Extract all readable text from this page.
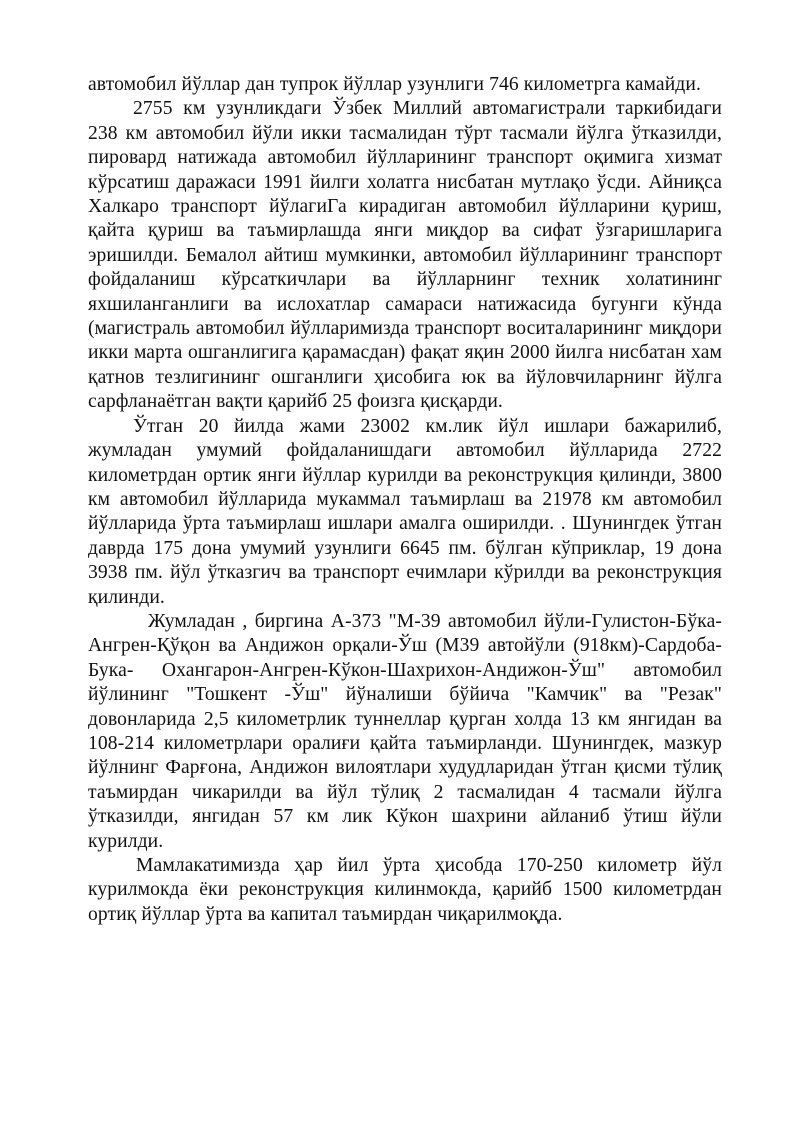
автомобил йўллар дан тупрок йўллар узунлиги 746 километрга камайди.

2755 км узунликдаги Ўзбек Миллий автомагистрали таркибидаги 238 км автомобил йўли икки тасмалидан тўрт тасмали йўлга ўтказилди, пировард натижада автомобил йўлларининг транспорт оқимига хизмат кўрсатиш даражаси 1991 йилги холатга нисбатан мутлақо ўсди. Айниқса Халкаро транспорт йўлагиГа кирадиган автомобил йўлларини қуриш, қайта қуриш ва таъмирлашда янги миқдор ва сифат ўзгаришларига эришилди. Бемалол айтиш мумкинки, автомобил йўлларининг транспорт фойдаланиш кўрсаткичлари ва йўлларнинг техник холатининг яхшиланганлиги ва ислохатлар самараси натижасида бугунги кўнда (магистраль автомобил йўлларимизда транспорт воситаларининг миқдори икки марта ошганлигига қарамасдан) фақат яқин 2000 йилга нисбатан хам қатнов тезлигининг ошганлиги ҳисобига юк ва йўловчиларнинг йўлга сарфланаётган вақти қарийб 25 фоизга қисқарди.

Ўтган 20 йилда жами 23002 км.лик йўл ишлари бажарилиб, жумладан умумий фойдаланишдаги автомобил йўлларида 2722 километрдан ортик янги йўллар курилди ва реконструкция қилинди, 3800 км автомобил йўлларида мукаммал таъмирлаш ва 21978 км автомобил йўлларида ўрта таъмирлаш ишлари амалга оширилди. . Шунингдек ўтган даврда 175 дона умумий узунлиги 6645 пм. бўлган кўприклар, 19 дона 3938 пм. йўл ўтказгич ва транспорт ечимлари кўрилди ва реконструкция қилинди.

Жумладан , биргина А-373 "М-39 автомобил йўли-Гулистон-Бўка-Ангрен-Қўқон ва Андижон орқали-Ўш (М39 автойўли (918км)-Сардоба-Бука- Охангарон-Ангрен-Кўкон-Шахрихон-Андижон-Ўш" автомобил йўлининг "Тошкент -Ўш" йўналиши бўйича "Камчик" ва "Резак" довонларида 2,5 километрлик туннеллар қурган холда 13 км янгидан ва 108-214 километрлари оралиғи қайта таъмирланди. Шунингдек, мазкур йўлнинг Фарғона, Андижон вилоятлари худудларидан ўтган қисми тўлиқ таъмирдан чикарилди ва йўл тўлиқ 2 тасмалидан 4 тасмали йўлга ўтказилди, янгидан 57 км лик Кўкон шахрини айланиб ўтиш йўли курилди.

Мамлакатимизда ҳар йил ўрта ҳисобда 170-250 километр йўл курилмокда ёки реконструкция килинмокда, қарийб 1500 километрдан ортиқ йўллар ўрта ва капитал таъмирдан чиқарилмоқда.
